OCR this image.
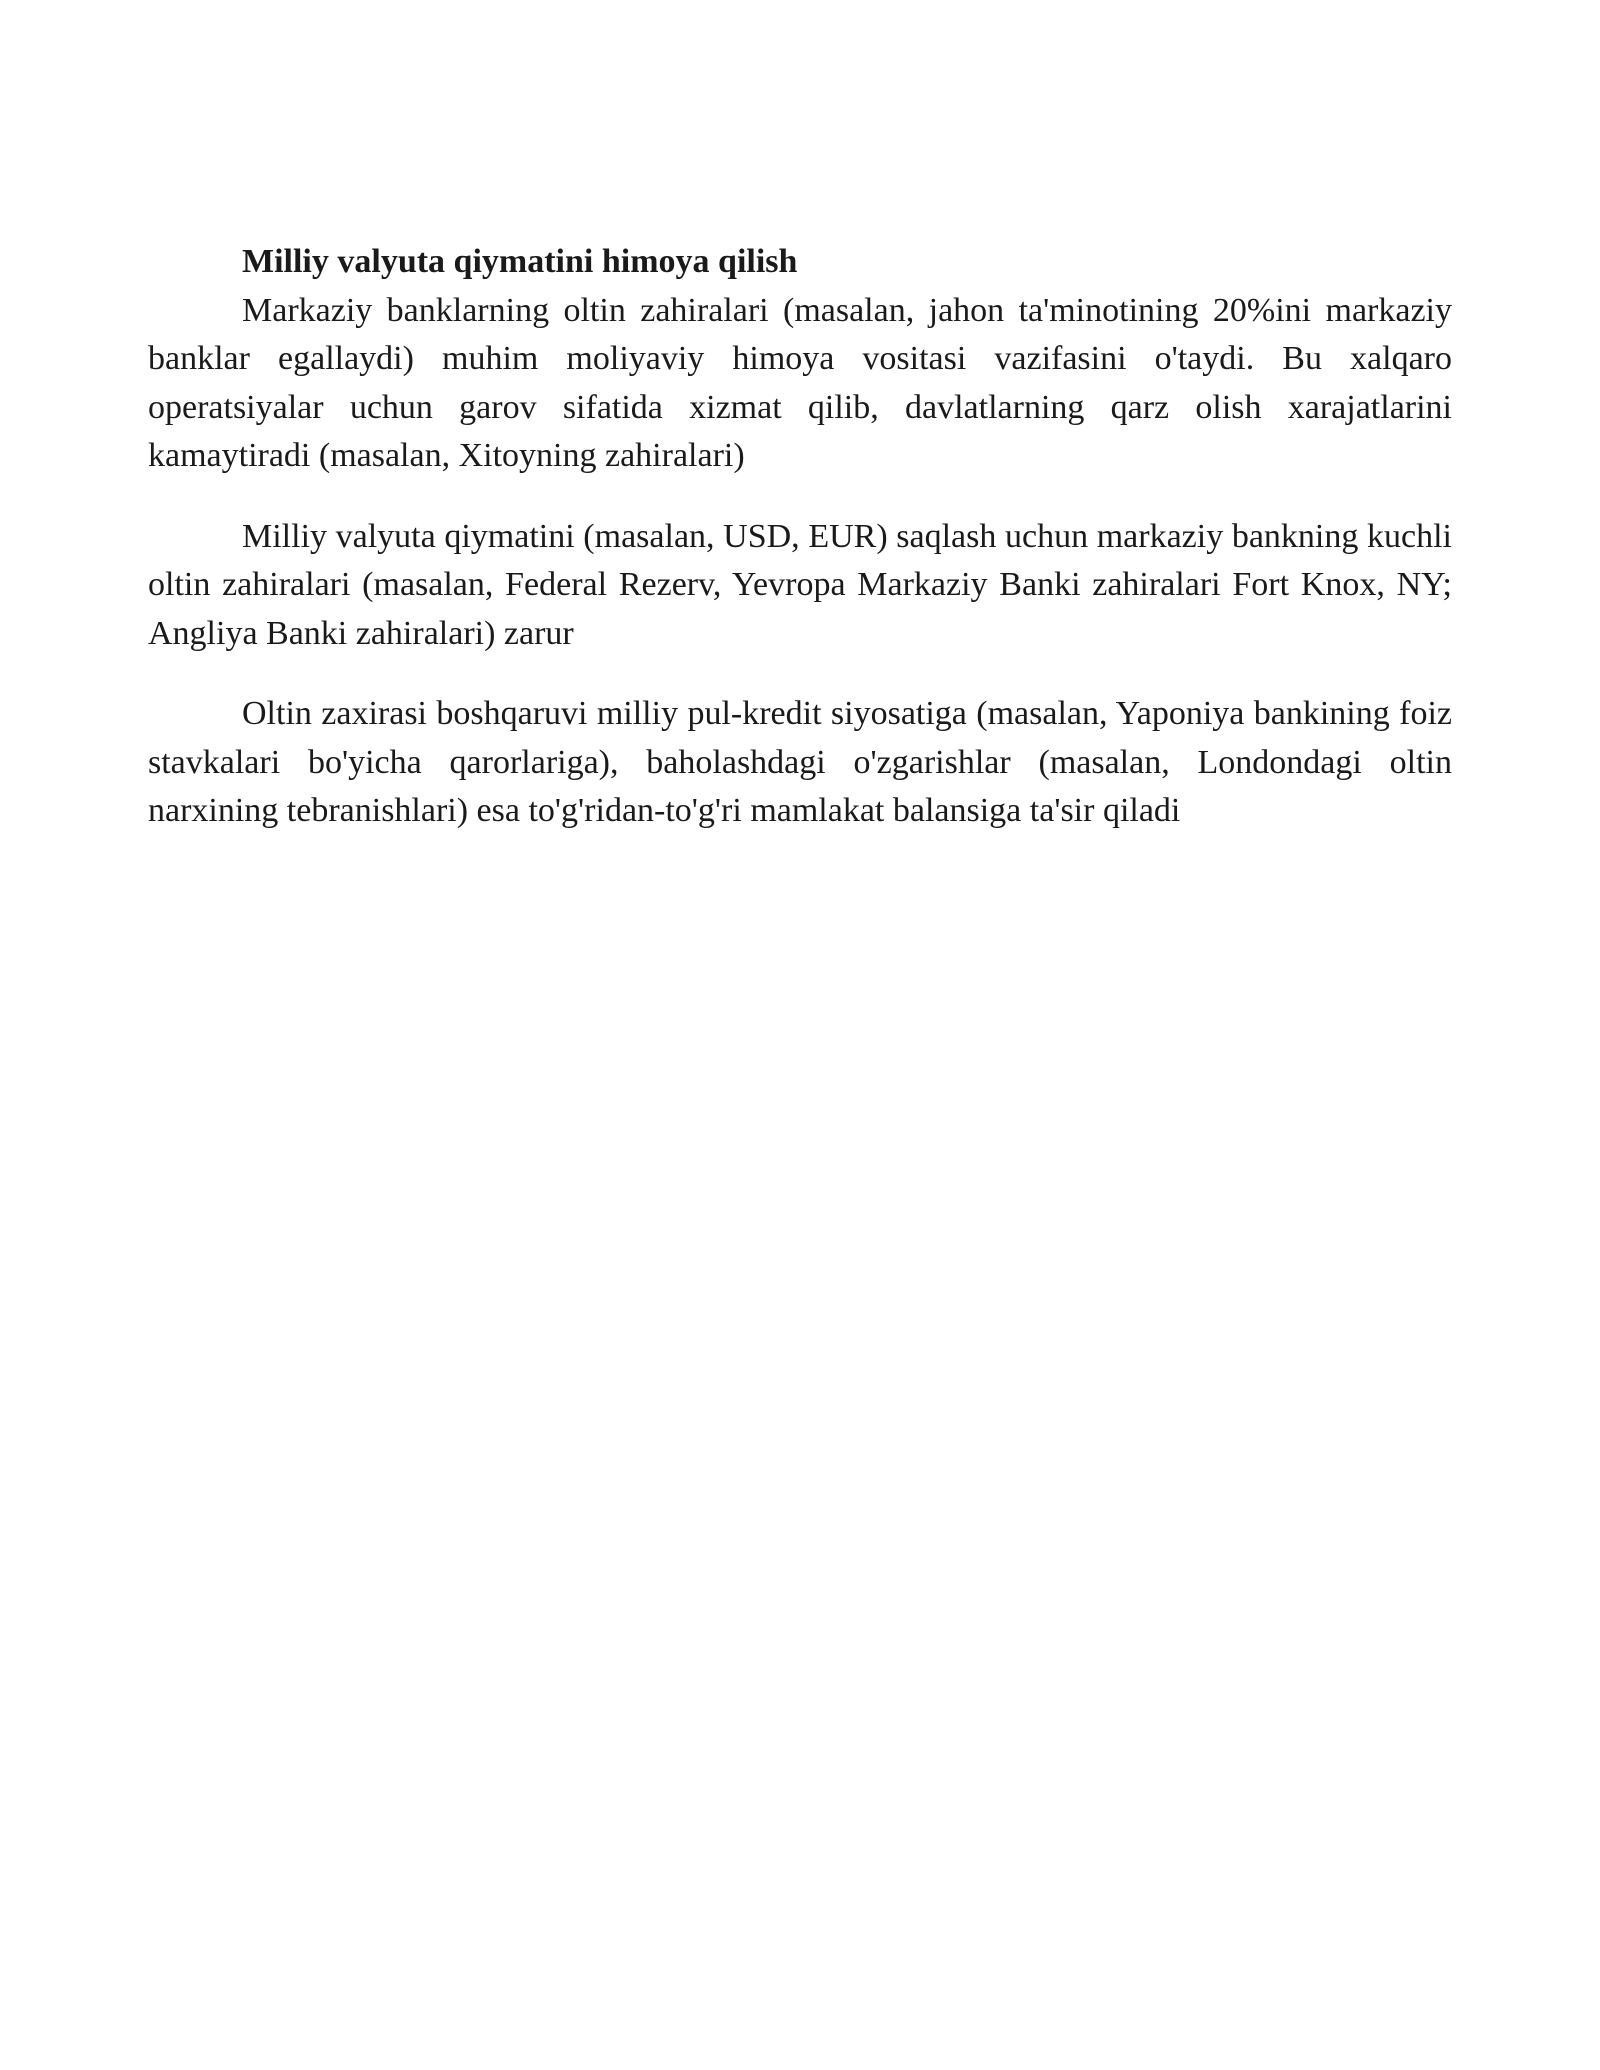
Milliy valyuta qiymatini himoya qilish

Markaziy banklarning oltin zahiralari (masalan, jahon ta'minotining 20%ini markaziy banklar egallaydi) muhim moliyaviy himoya vositasi vazifasini o'taydi. Bu xalqaro operatsiyalar uchun garov sifatida xizmat qilib, davlatlarning qarz olish xarajatlarini kamaytiradi (masalan, Xitoyning zahiralari)

Milliy valyuta qiymatini (masalan, USD, EUR) saqlash uchun markaziy bankning kuchli oltin zahiralari (masalan, Federal Rezerv, Yevropa Markaziy Banki zahiralari Fort Knox, NY; Angliya Banki zahiralari) zarur

Oltin zaxirasi boshqaruvi milliy pul-kredit siyosatiga (masalan, Yaponiya bankining foiz stavkalari bo'yicha qarorlariga), baholashdagi o'zgarishlar (masalan, Londondagi oltin narxining tebranishlari) esa to'g'ridan-to'g'ri mamlakat balansiga ta'sir qiladi
